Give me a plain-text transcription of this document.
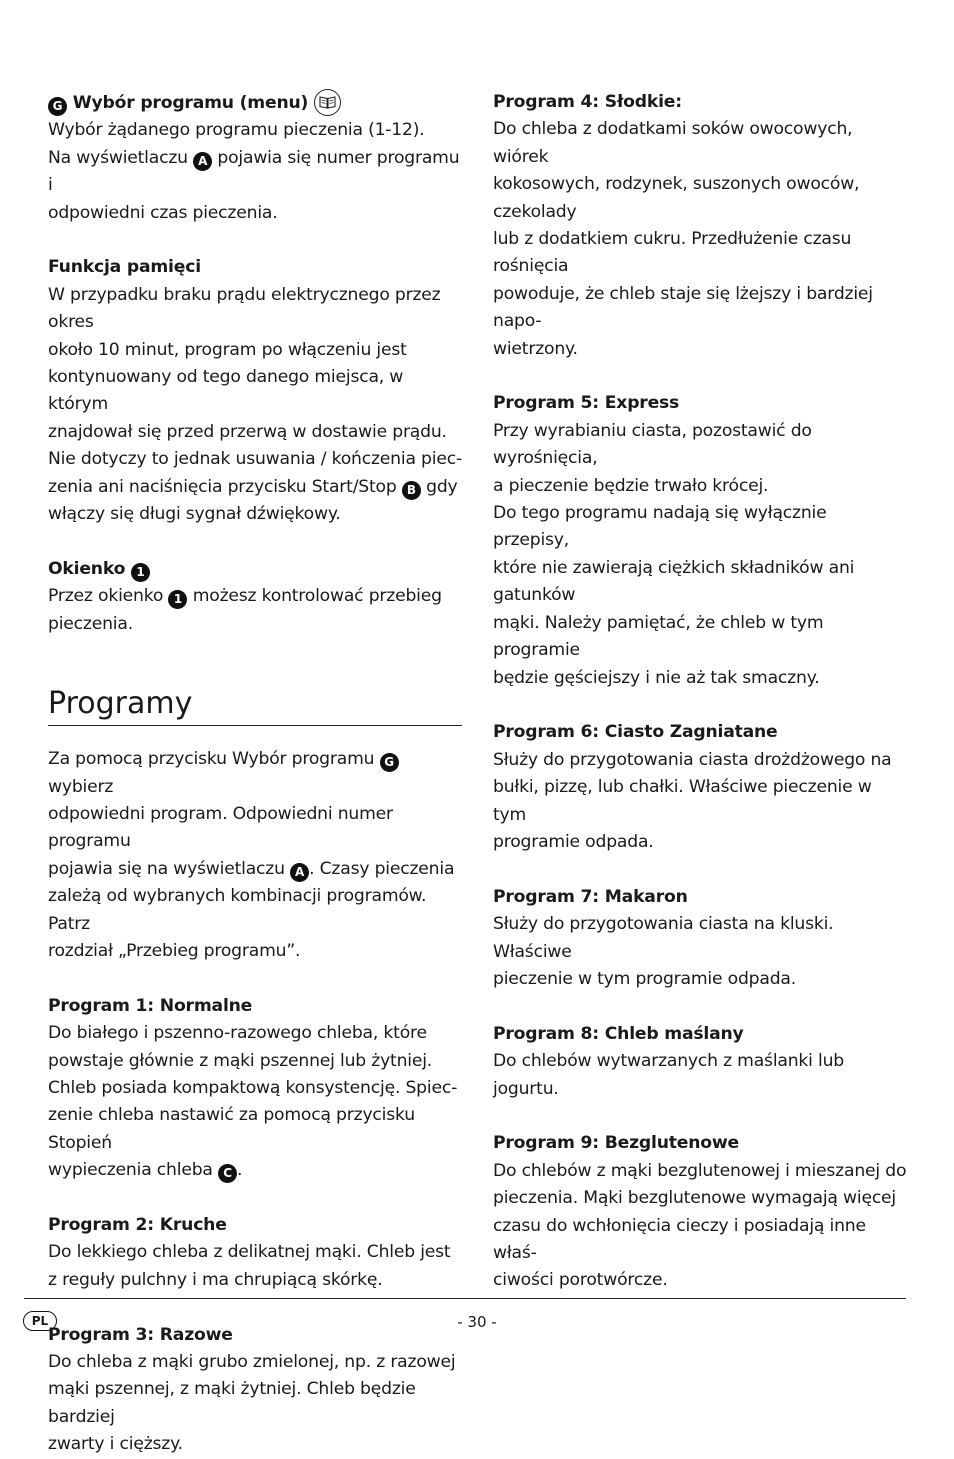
G Wybór programu (menu)

Wybór żądanego programu pieczenia (1-12).

Na wyświetlaczu A pojawia się numer programu i

odpowiedni czas pieczenia.

Funkcja pamięci

W przypadku braku prądu elektrycznego przez okres

około 10 minut, program po włączeniu jest

kontynuowany od tego danego miejsca, w którym

znajdował się przed przerwą w dostawie prądu.

Nie dotyczy to jednak usuwania / kończenia piec-

zenia ani naciśnięcia przycisku Start/Stop B gdy

włączy się długi sygnał dźwiękowy.

Okienko 1

Przez okienko 1 możesz kontrolować przebieg

pieczenia.

Programy

Za pomocą przycisku Wybór programu G wybierz

odpowiedni program. Odpowiedni numer programu

pojawia się na wyświetlaczu A . Czasy pieczenia

zależą od wybranych kombinacji programów. Patrz

rozdział „Przebieg programu”.

Program 1: Normalne

Do białego i pszenno-razowego chleba, które

powstaje głównie z mąki pszennej lub żytniej.

Chleb posiada kompaktową konsystencję. Spiec-

zenie chleba nastawić za pomocą przycisku Stopień

wypieczenia chleba C .

Program 2: Kruche

Do lekkiego chleba z delikatnej mąki. Chleb jest

z reguły pulchny i ma chrupiącą skórkę.

Program 3: Razowe

Do chleba z mąki grubo zmielonej, np. z razowej

mąki pszennej, z mąki żytniej. Chleb będzie bardziej

zwarty i cięższy.

Program 4: Słodkie:

Do chleba z dodatkami soków owocowych, wiórek

kokosowych, rodzynek, suszonych owoców, czekolady

lub z dodatkiem cukru. Przedłużenie czasu rośnięcia

powoduje, że chleb staje się lżejszy i bardziej napo-

wietrzony.

Program 5: Express

Przy wyrabianiu ciasta, pozostawić do wyrośnięcia,

a pieczenie będzie trwało krócej.

Do tego programu nadają się wyłącznie przepisy,

które nie zawierają ciężkich składników ani gatunków

mąki. Należy pamiętać, że chleb w tym programie

będzie gęściejszy i nie aż tak smaczny.

Program 6: Ciasto Zagniatane

Służy do przygotowania ciasta drożdżowego na

bułki, pizzę, lub chałki. Właściwe pieczenie w tym

programie odpada.

Program 7: Makaron

Służy do przygotowania ciasta na kluski. Właściwe

pieczenie w tym programie odpada.

Program 8: Chleb maślany

Do chlebów wytwarzanych z maślanki lub jogurtu.

Program 9: Bezglutenowe

Do chlebów z mąki bezglutenowej i mieszanej do

pieczenia. Mąki bezglutenowe wymagają więcej

czasu do wchłonięcia cieczy i posiadają inne właś-

ciwości porotwórcze.

PL	- 30 -
